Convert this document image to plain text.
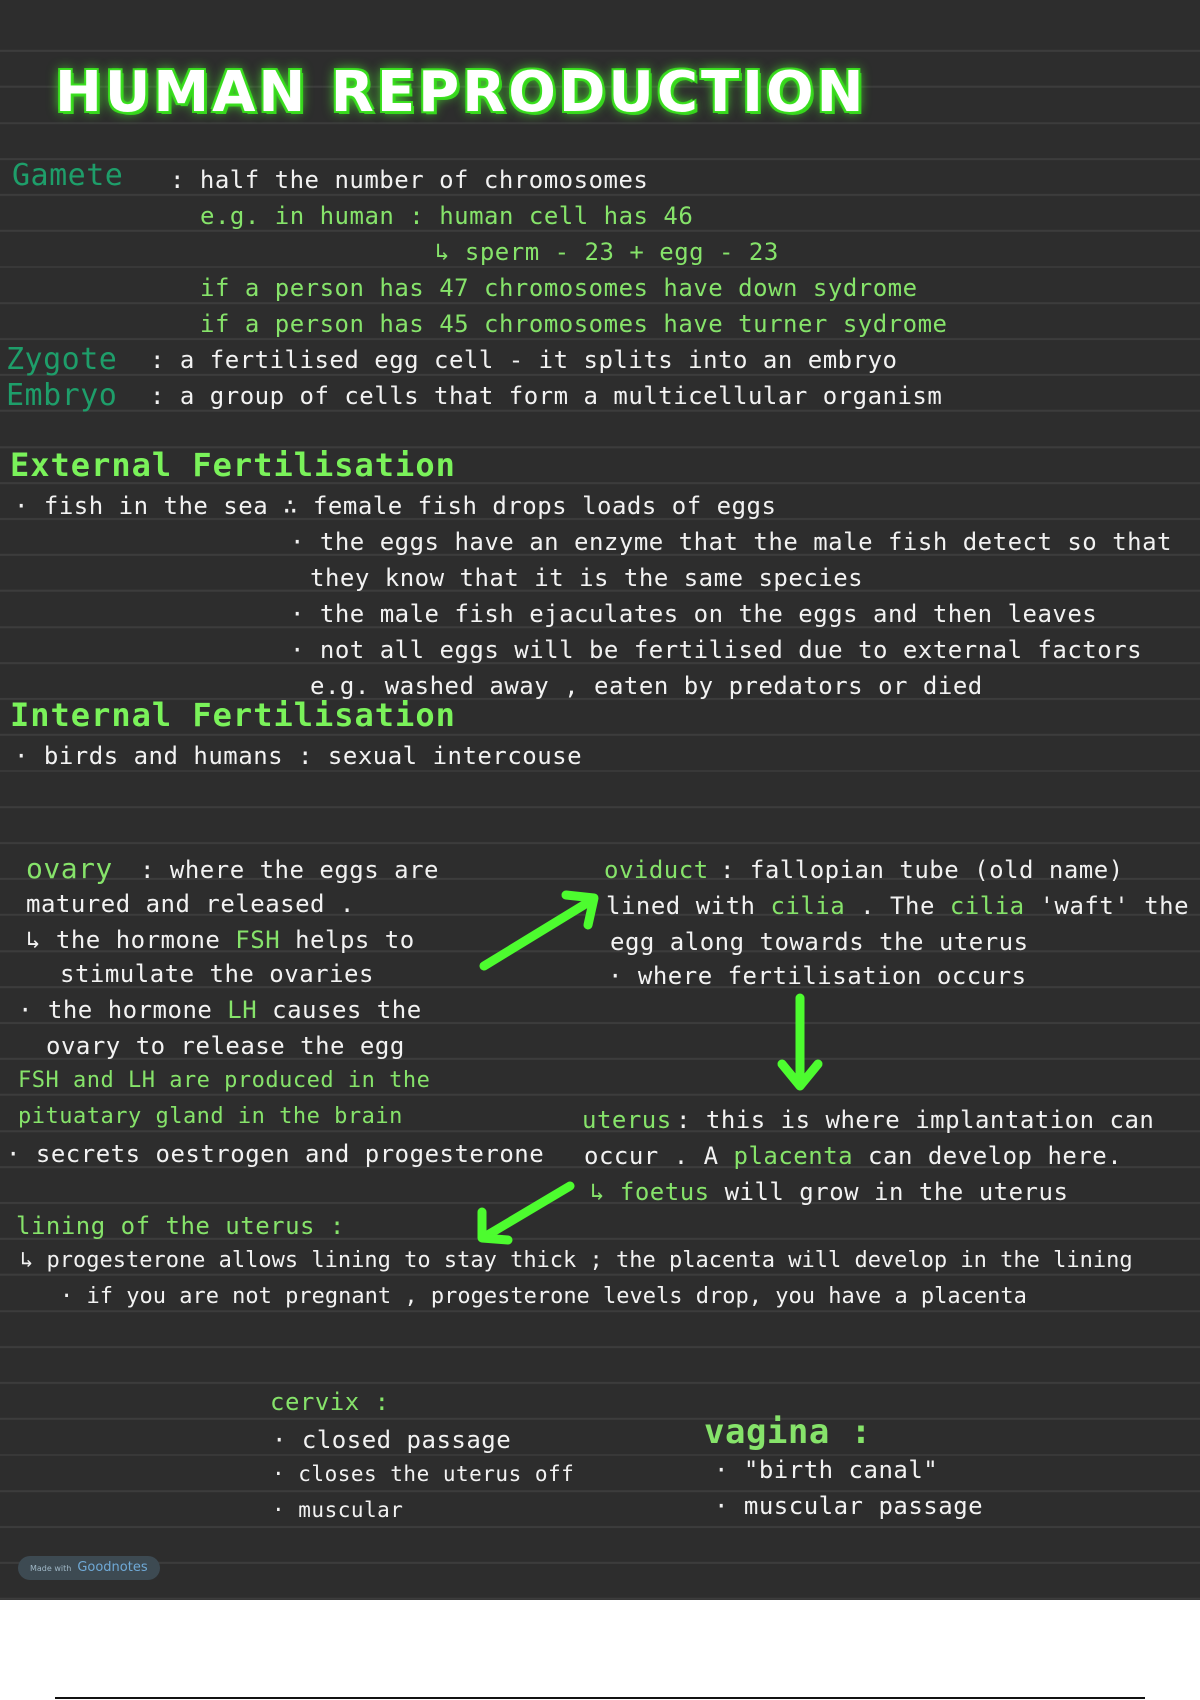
HUMAN REPRODUCTION
Gamete : half the number of chromosomes
e.g. in human : human cell has 46
↳ sperm - 23 + egg - 23
if a person has 47 chromosomes have down sydrome
if a person has 45 chromosomes have turner sydrome
Zygote : a fertilised egg cell - it splits into an embryo
Embryo : a group of cells that form a multicellular organism
External Fertilisation
· fish in the sea ∴ female fish drops loads of eggs
· the eggs have an enzyme that the male fish detect so that
they know that it is the same species
· the male fish ejaculates on the eggs and then leaves
· not all eggs will be fertilised due to external factors
e.g. washed away , eaten by predators or died
Internal Fertilisation
· birds and humans : sexual intercouse
ovary : where the eggs are
matured and released .
↳ the hormone FSH helps to
stimulate the ovaries
· the hormone LH causes the
ovary to release the egg
FSH and LH are produced in the
pituatary gland in the brain
· secrets oestrogen and progesterone
oviduct : fallopian tube (old name)
lined with cilia . The cilia 'waft' the
egg along towards the uterus
· where fertilisation occurs
uterus : this is where implantation can
occur . A placenta can develop here.
↳ foetus will grow in the uterus
lining of the uterus :
↳ progesterone allows lining to stay thick ; the placenta will develop in the lining
· if you are not pregnant , progesterone levels drop, you have a placenta
cervix :
· closed passage
· closes the uterus off
· muscular
vagina :
· "birth canal"
· muscular passage
Made with Goodnotes
